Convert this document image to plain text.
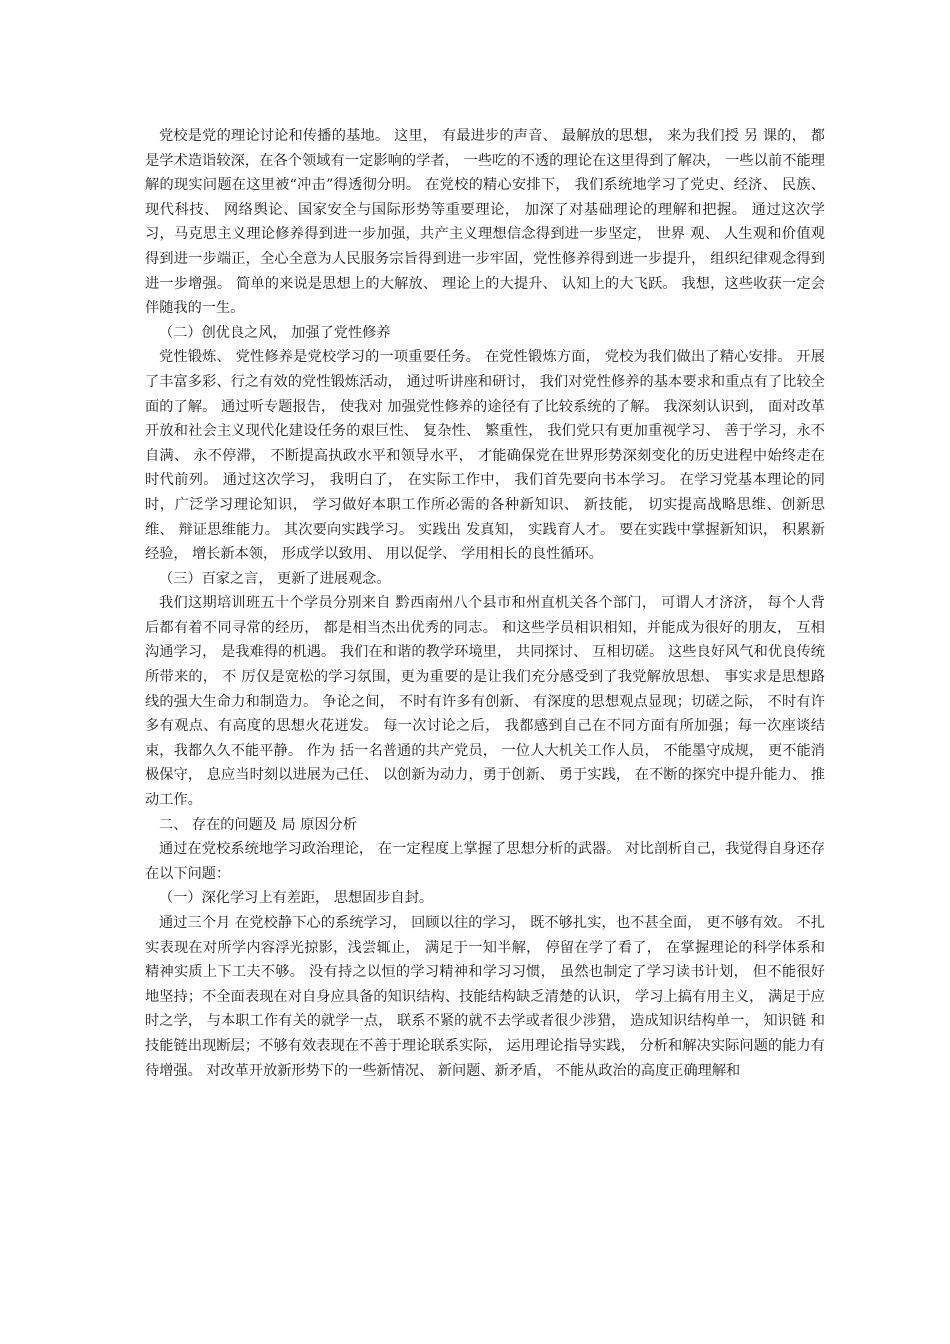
党校是党的理论讨论和传播的基地。 这里， 有最进步的声音、 最解放的思想， 来为我们授 另 课的， 都是学术造诣较深，在各个领域有一定影响的学者， 一些吃的不透的理论在这里得到了解决， 一些以前不能理解的现实问题在这里被“冲击”得透彻分明。 在党校的精心安排下， 我们系统地学习了党史、经济、 民族、 现代科技、 网络舆论、国家安全与国际形势等重要理论， 加深了对基础理论的理解和把握。 通过这次学习，马克思主义理论修养得到进一步加强，共产主义理想信念得到进一步坚定， 世界 观、 人生观和价值观得到进一步端正，全心全意为人民服务宗旨得到进一步牢固，党性修养得到进一步提升， 组织纪律观念得到进一步增强。 简单的来说是思想上的大解放、 理论上的大提升、 认知上的大飞跃。 我想，这些收获一定会伴随我的一生。

（二）创优良之风， 加强了党性修养

党性锻炼、 党性修养是党校学习的一项重要任务。 在党性锻炼方面， 党校为我们做出了精心安排。 开展了丰富多彩、行之有效的党性锻炼活动， 通过听讲座和研讨， 我们对党性修养的基本要求和重点有了比较全面的了解。 通过听专题报告， 使我对 加强党性修养的途径有了比较系统的了解。 我深刻认识到， 面对改革开放和社会主义现代化建设任务的艰巨性、 复杂性、 繁重性， 我们党只有更加重视学习、 善于学习，永不自满、 永不停滞， 不断提高执政水平和领导水平， 才能确保党在世界形势深刻变化的历史进程中始终走在时代前列。 通过这次学习， 我明白了， 在实际工作中， 我们首先要向书本学习。 在学习党基本理论的同时，广泛学习理论知识， 学习做好本职工作所必需的各种新知识、 新技能， 切实提高战略思维、创新思维、 辩证思维能力。 其次要向实践学习。 实践出 发真知， 实践育人才。 要在实践中掌握新知识， 积累新经验， 增长新本领， 形成学以致用、 用以促学、 学用相长的良性循环。

（三）百家之言， 更新了进展观念。

我们这期培训班五十个学员分别来自 黔西南州八个县市和州直机关各个部门， 可谓人才济济， 每个人背后都有着不同寻常的经历， 都是相当杰出优秀的同志。 和这些学员相识相知，并能成为很好的朋友， 互相沟通学习， 是我难得的机遇。 我们在和谐的教学环境里， 共同探讨、 互相切磋。 这些良好风气和优良传统所带来的， 不 厉仅是宽松的学习氛围，更为重要的是让我们充分感受到了我党解放思想、 事实求是思想路线的强大生命力和制造力。 争论之间， 不时有许多有创新、 有深度的思想观点显现；切磋之际， 不时有许多有观点、有高度的思想火花迸发。 每一次讨论之后， 我都感到自己在不同方面有所加强；每一次座谈结束，我都久久不能平静。 作为 括一名普通的共产党员， 一位人大机关工作人员， 不能墨守成规， 更不能消极保守， 息应当时刻以进展为己任、 以创新为动力，勇于创新、 勇于实践， 在不断的探究中提升能力、 推动工作。

二、 存在的问题及 局 原因分析

通过在党校系统地学习政治理论， 在一定程度上掌握了思想分析的武器。 对比剖析自己，我觉得自身还存在以下问题：

（一）深化学习上有差距， 思想固步自封。

通过三个月 在党校静下心的系统学习， 回顾以往的学习， 既不够扎实，也不甚全面， 更不够有效。 不扎实表现在对所学内容浮光掠影，浅尝辄止， 满足于一知半解， 停留在学了看了， 在掌握理论的科学体系和精神实质上下工夫不够。 没有持之以恒的学习精神和学习习惯， 虽然也制定了学习读书计划， 但不能很好地坚持；不全面表现在对自身应具备的知识结构、技能结构缺乏清楚的认识， 学习上搞有用主义， 满足于应时之学， 与本职工作有关的就学一点， 联系不紧的就不去学或者很少涉猎， 造成知识结构单一， 知识链 和技能链出现断层；不够有效表现在不善于理论联系实际， 运用理论指导实践， 分析和解决实际问题的能力有待增强。 对改革开放新形势下的一些新情况、 新问题、新矛盾， 不能从政治的高度正确理解和
